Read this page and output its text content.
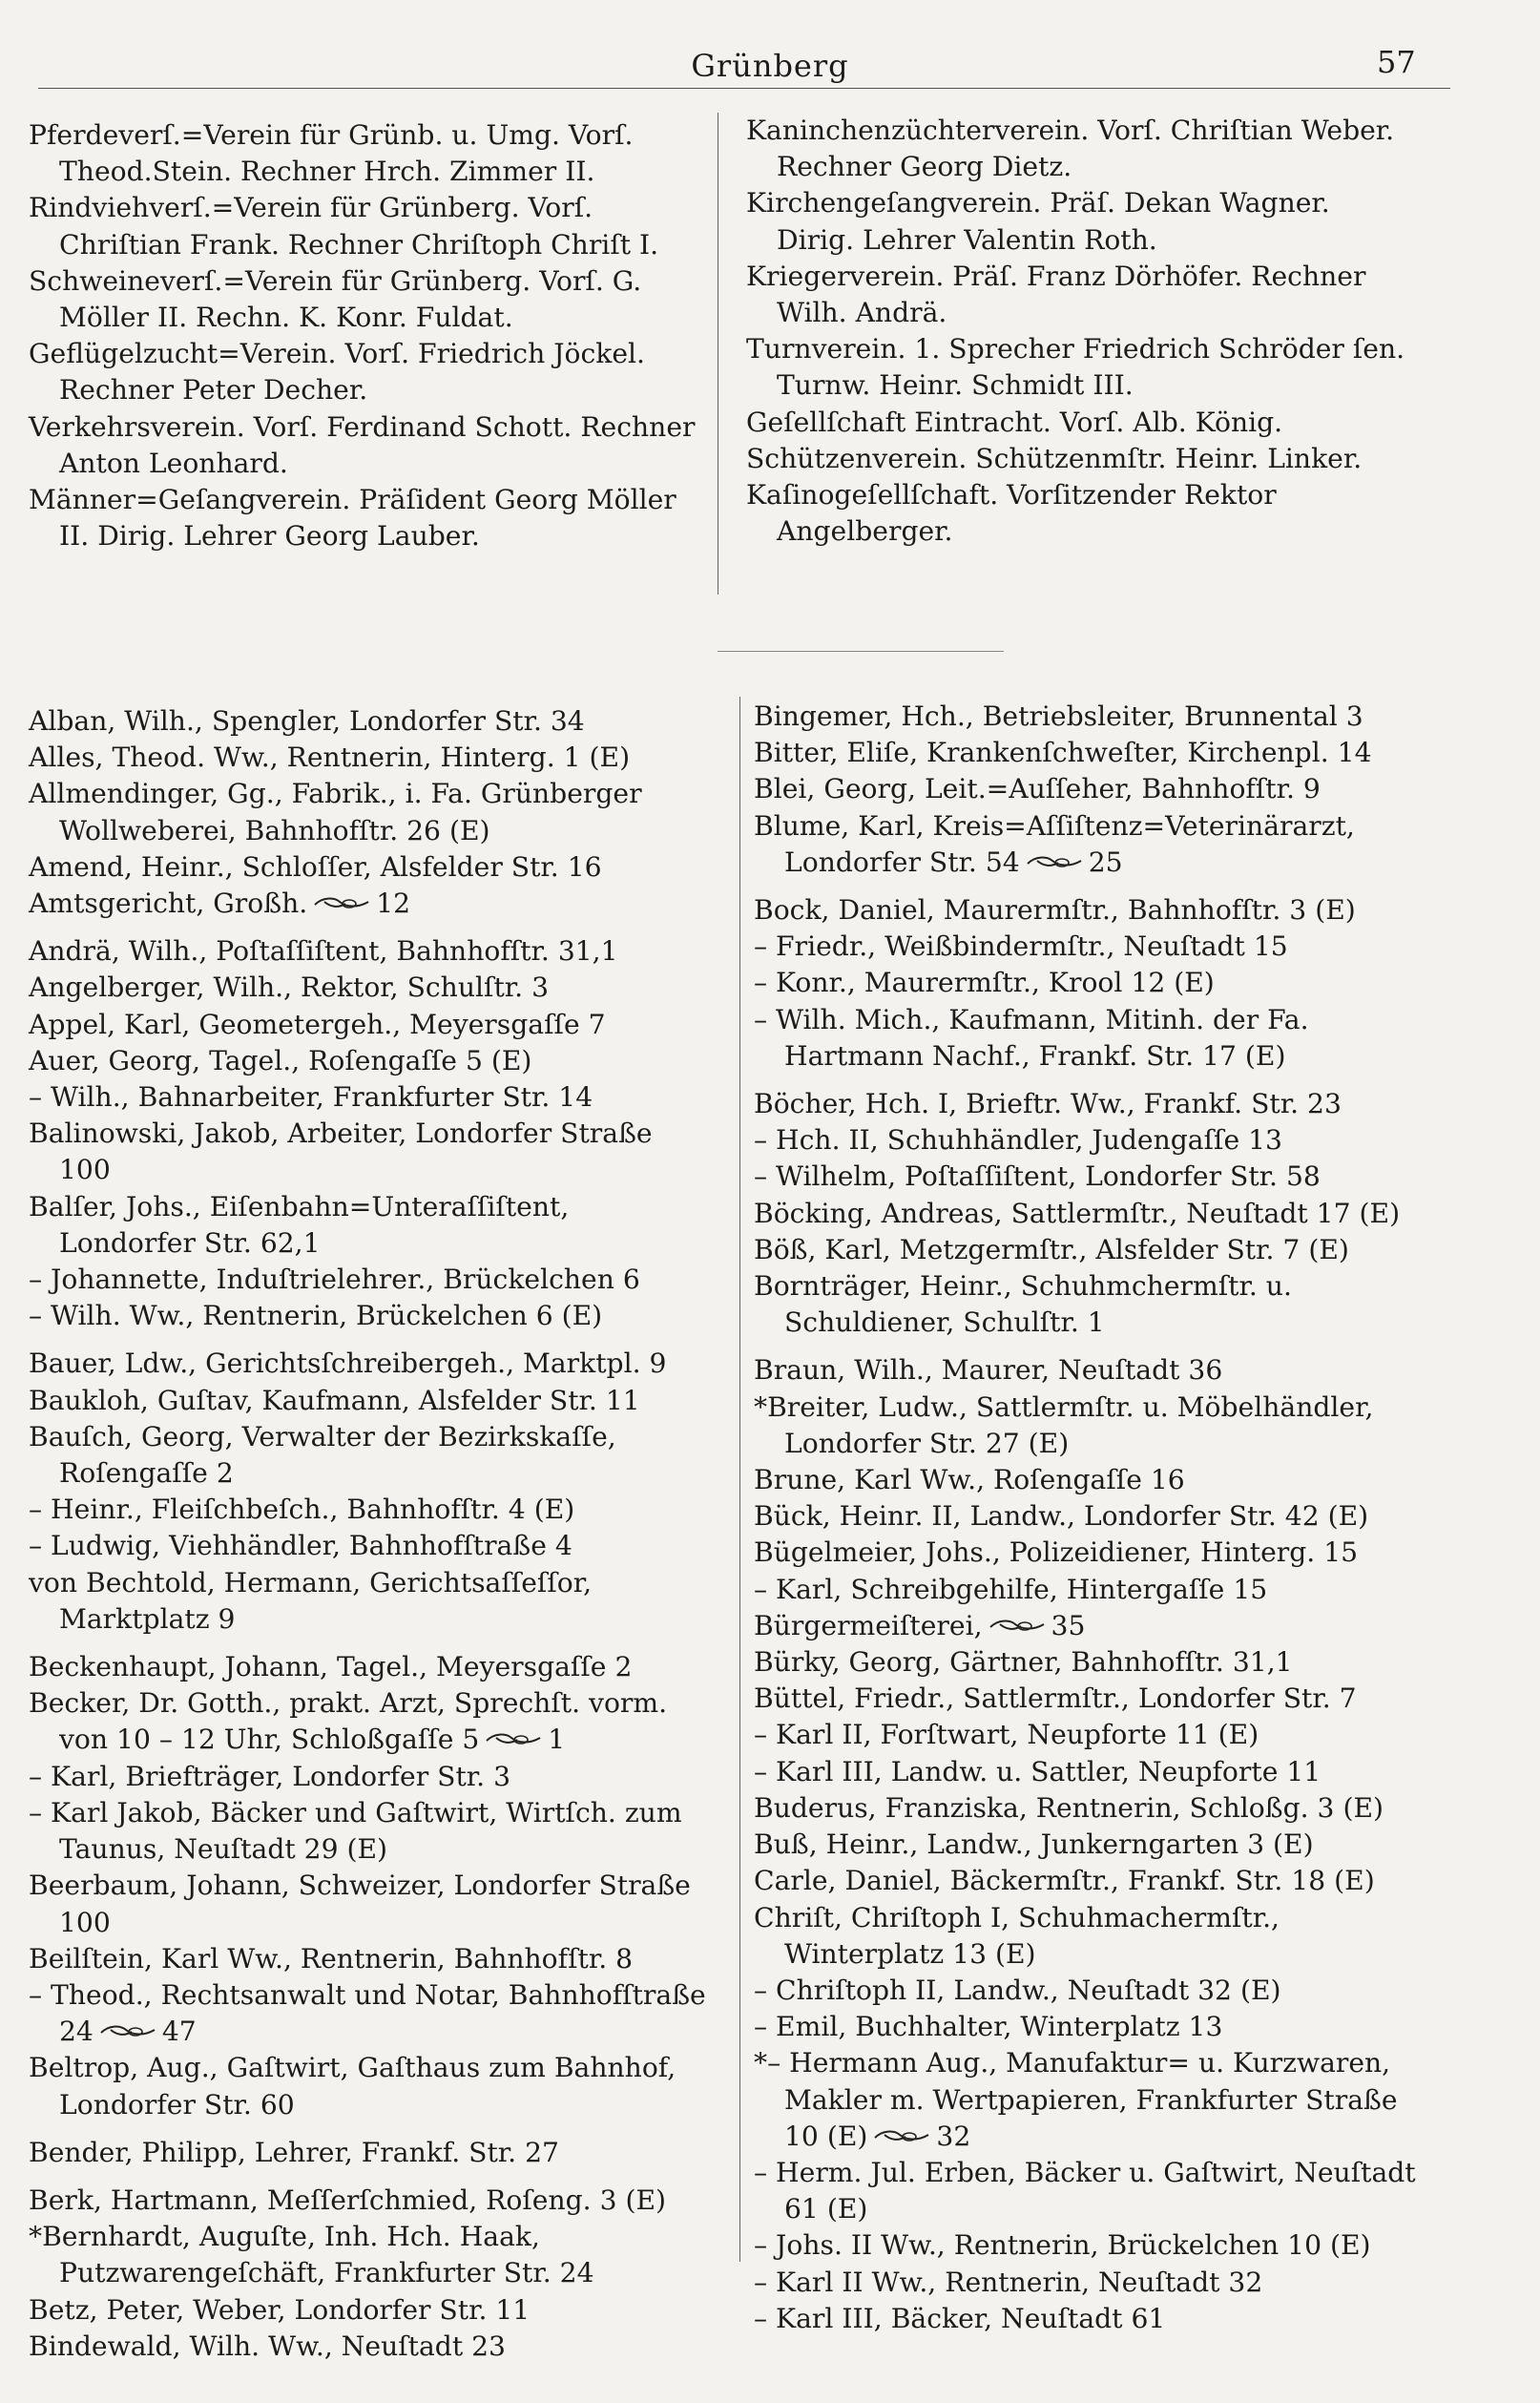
Grünberg	57
Pferdeverſ.=Verein für Grünb. u. Umg. Vorſ. Theod.Stein. Rechner Hrch. Zimmer II.
Rindviehverſ.=Verein für Grünberg. Vorſ. Chriſtian Frank. Rechner Chriſtoph Chriſt I.
Schweineverſ.=Verein für Grünberg. Vorſ. G. Möller II. Rechn. K. Konr. Fuldat.
Geflügelzucht=Verein. Vorſ. Friedrich Jöckel. Rechner Peter Decher.
Verkehrsverein. Vorſ. Ferdinand Schott. Rechner Anton Leonhard.
Männer=Geſangverein. Präſident Georg Möller II. Dirig. Lehrer Georg Lauber.
Kaninchenzüchterverein. Vorſ. Chriſtian Weber. Rechner Georg Dietz.
Kirchengeſangverein. Präſ. Dekan Wagner. Dirig. Lehrer Valentin Roth.
Kriegerverein. Präſ. Franz Dörhöfer. Rechner Wilh. Andrä.
Turnverein. 1. Sprecher Friedrich Schröder ſen. Turnw. Heinr. Schmidt III.
Geſellſchaft Eintracht. Vorſ. Alb. König.
Schützenverein. Schützenmſtr. Heinr. Linker.
Kaſinogeſellſchaft. Vorſitzender Rektor Angelberger.
Alban, Wilh., Spengler, Londorfer Str. 34
Alles, Theod. Ww., Rentnerin, Hinterg. 1 (E)
Allmendinger, Gg., Fabrik., i. Fa. Grünberger Wollweberei, Bahnhofſtr. 26 (E)
Amend, Heinr., Schloſſer, Alsfelder Str. 16
Amtsgericht, Großh.	12
Andrä, Wilh., Poſtaſſiſtent, Bahnhofſtr. 31,1
Angelberger, Wilh., Rektor, Schulſtr. 3
Appel, Karl, Geometergeh., Meyersgaſſe 7
Auer, Georg, Tagel., Roſengaſſe 5 (E)
– Wilh., Bahnarbeiter, Frankfurter Str. 14
Balinowski, Jakob, Arbeiter, Londorfer Straße 100
Balſer, Johs., Eiſenbahn=Unteraſſiſtent, Londorfer Str. 62,1
– Johannette, Induſtrielehrer., Brückelchen 6
– Wilh. Ww., Rentnerin, Brückelchen 6 (E)
Bauer, Ldw., Gerichtsſchreibergeh., Marktpl. 9
Baukloh, Guſtav, Kaufmann, Alsfelder Str. 11
Bauſch, Georg, Verwalter der Bezirkskaſſe, Roſengaſſe 2
– Heinr., Fleiſchbeſch., Bahnhofſtr. 4 (E)
– Ludwig, Viehhändler, Bahnhofſtraße 4
von Bechtold, Hermann, Gerichtsaſſeſſor, Marktplatz 9
Beckenhaupt, Johann, Tagel., Meyersgaſſe 2
Becker, Dr. Gotth., prakt. Arzt, Sprechſt. vorm. von 10 – 12 Uhr, Schloßgaſſe 5	1
– Karl, Briefträger, Londorfer Str. 3
– Karl Jakob, Bäcker und Gaſtwirt, Wirtſch. zum Taunus, Neuſtadt 29 (E)
Beerbaum, Johann, Schweizer, Londorfer Straße 100
Beilſtein, Karl Ww., Rentnerin, Bahnhofſtr. 8
– Theod., Rechtsanwalt und Notar, Bahnhofſtraße 24	47
Beltrop, Aug., Gaſtwirt, Gaſthaus zum Bahnhof, Londorfer Str. 60
Bender, Philipp, Lehrer, Frankf. Str. 27
Berk, Hartmann, Meſſerſchmied, Roſeng. 3 (E)
*Bernhardt, Auguſte, Inh. Hch. Haak, Putzwarengeſchäft, Frankfurter Str. 24
Betz, Peter, Weber, Londorfer Str. 11
Bindewald, Wilh. Ww., Neuſtadt 23
Bingemer, Hch., Betriebsleiter, Brunnental 3
Bitter, Eliſe, Krankenſchweſter, Kirchenpl. 14
Blei, Georg, Leit.=Auſſeher, Bahnhofſtr. 9
Blume, Karl, Kreis=Aſſiſtenz=Veterinärarzt, Londorfer Str. 54	25
Bock, Daniel, Maurermſtr., Bahnhofſtr. 3 (E)
– Friedr., Weißbindermſtr., Neuſtadt 15
– Konr., Maurermſtr., Krool 12 (E)
– Wilh. Mich., Kaufmann, Mitinh. der Fa. Hartmann Nachf., Frankf. Str. 17 (E)
Böcher, Hch. I, Brieftr. Ww., Frankf. Str. 23
– Hch. II, Schuhhändler, Judengaſſe 13
– Wilhelm, Poſtaſſiſtent, Londorfer Str. 58
Böcking, Andreas, Sattlermſtr., Neuſtadt 17 (E)
Böß, Karl, Metzgermſtr., Alsfelder Str. 7 (E)
Bornträger, Heinr., Schuhmchermſtr. u. Schuldiener, Schulſtr. 1
Braun, Wilh., Maurer, Neuſtadt 36
*Breiter, Ludw., Sattlermſtr. u. Möbelhändler, Londorfer Str. 27 (E)
Brune, Karl Ww., Roſengaſſe 16
Bück, Heinr. II, Landw., Londorfer Str. 42 (E)
Bügelmeier, Johs., Polizeidiener, Hinterg. 15
– Karl, Schreibgehilfe, Hintergaſſe 15
Bürgermeiſterei,	35
Bürky, Georg, Gärtner, Bahnhofſtr. 31,1
Büttel, Friedr., Sattlermſtr., Londorfer Str. 7
– Karl II, Forſtwart, Neupforte 11 (E)
– Karl III, Landw. u. Sattler, Neupforte 11
Buderus, Franziska, Rentnerin, Schloßg. 3 (E)
Buß, Heinr., Landw., Junkerngarten 3 (E)
Carle, Daniel, Bäckermſtr., Frankf. Str. 18 (E)
Chriſt, Chriſtoph I, Schuhmachermſtr., Winterplatz 13 (E)
– Chriſtoph II, Landw., Neuſtadt 32 (E)
– Emil, Buchhalter, Winterplatz 13
*– Hermann Aug., Manufaktur= u. Kurzwaren, Makler m. Wertpapieren, Frankfurter Straße 10 (E)	32
– Herm. Jul. Erben, Bäcker u. Gaſtwirt, Neuſtadt 61 (E)
– Johs. II Ww., Rentnerin, Brückelchen 10 (E)
– Karl II Ww., Rentnerin, Neuſtadt 32
– Karl III, Bäcker, Neuſtadt 61
